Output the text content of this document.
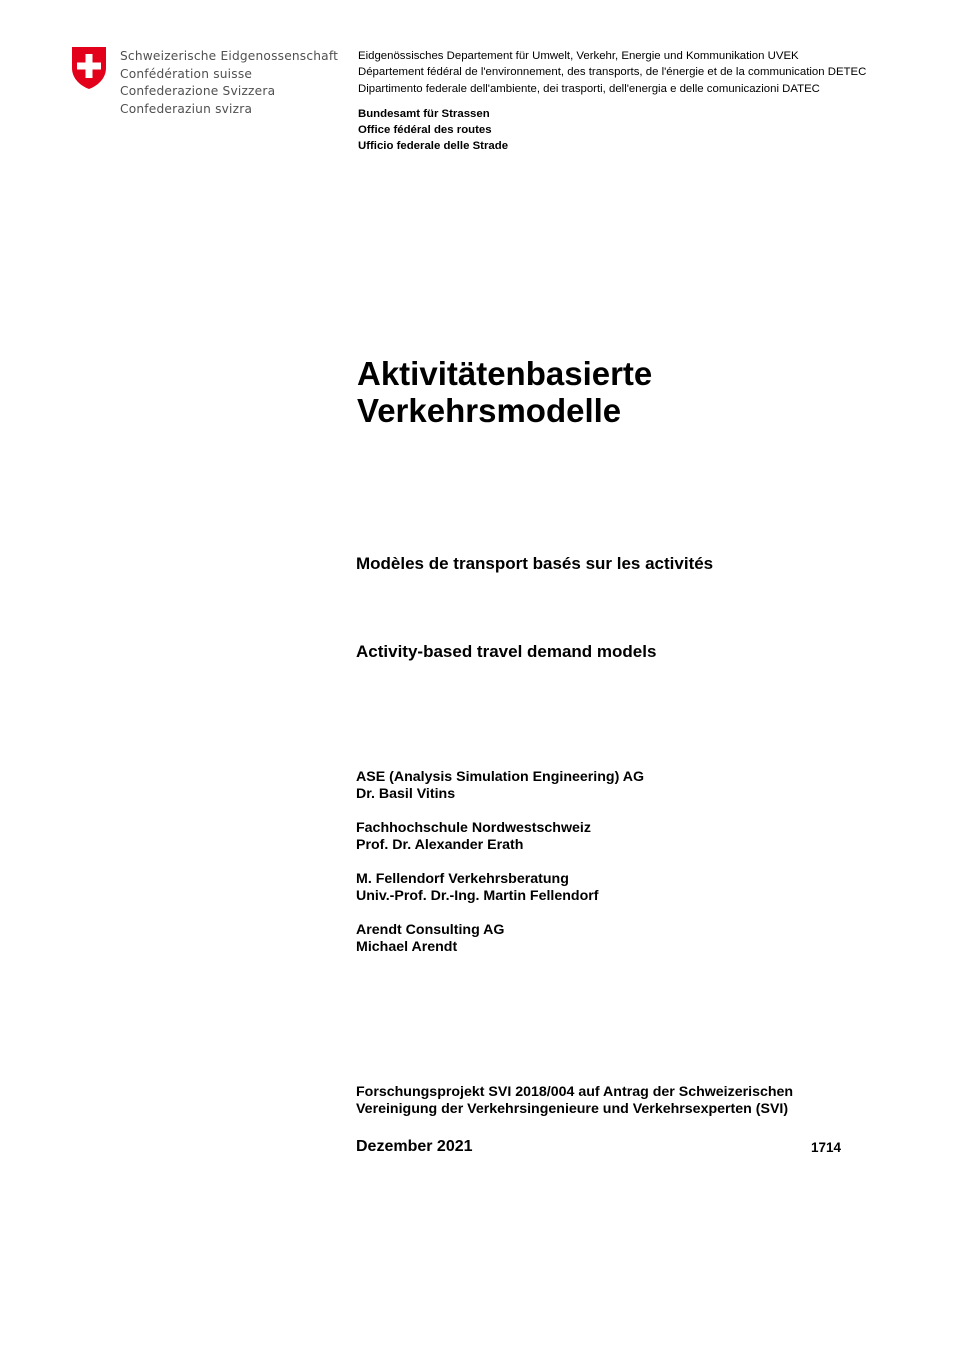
Schweizerische Eidgenossenschaft
Confédération suisse
Confederazione Svizzera
Confederaziun svizra
Eidgenössisches Departement für Umwelt, Verkehr, Energie und Kommunikation UVEK
Département fédéral de l'environnement, des transports, de l'énergie et de la communication DETEC
Dipartimento federale dell'ambiente, dei trasporti, dell'energia e delle comunicazioni DATEC
Bundesamt für Strassen
Office fédéral des routes
Ufficio federale delle Strade
Aktivitätenbasierte
Verkehrsmodelle
Modèles de transport basés sur les activités
Activity-based travel demand models
ASE (Analysis Simulation Engineering) AG
Dr. Basil Vitins
Fachhochschule Nordwestschweiz
Prof. Dr. Alexander Erath
M. Fellendorf Verkehrsberatung
Univ.-Prof. Dr.-Ing. Martin Fellendorf
Arendt Consulting AG
Michael Arendt
Forschungsprojekt SVI 2018/004 auf Antrag der Schweizerischen
Vereinigung der Verkehrsingenieure und Verkehrsexperten (SVI)
Dezember 2021	1714
